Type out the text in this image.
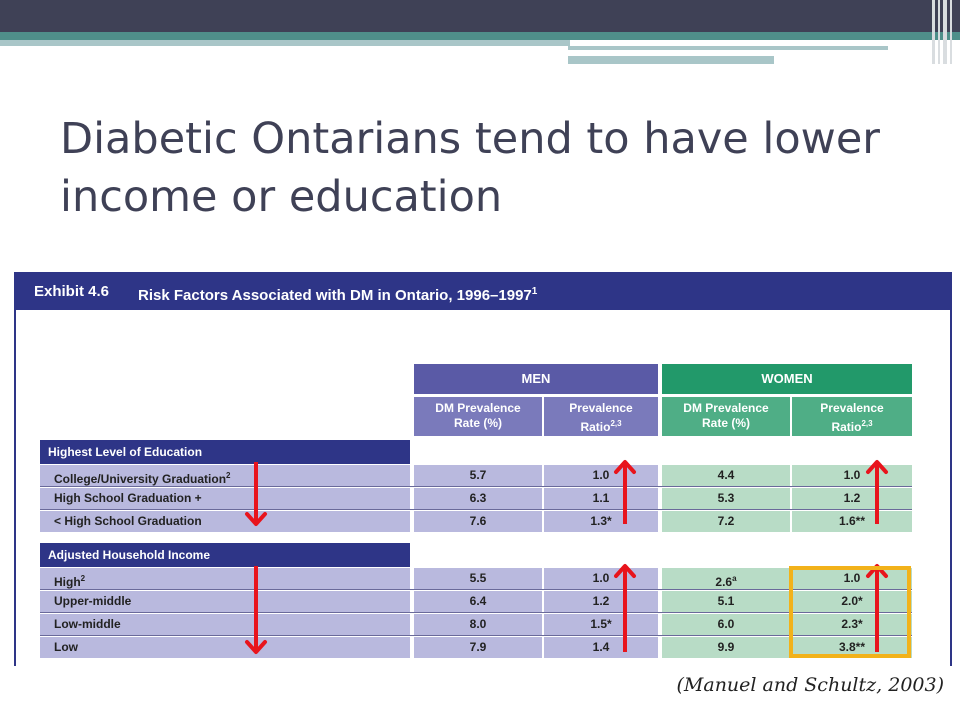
Diabetic Ontarians tend to have lower income or education
Exhibit 4.6 Risk Factors Associated with DM in Ontario, 1996–1997$^1$
MEN	WOMEN
DM Prevalence
Rate (%)
Prevalence
Ratio$^{2,3}$
DM Prevalence
Rate (%)
Prevalence
Ratio$^{2,3}$
Highest Level of Education
College/University Graduation$^2$	5.7	1.0	4.4	1.0
High School Graduation +	6.3	1.1	5.3	1.2
< High School Graduation	7.6	1.3*	7.2	1.6**
Adjusted Household Income
High$^2$	5.5	1.0	2.6$^a$	1.0
Upper-middle	6.4	1.2	5.1	2.0*
Low-middle	8.0	1.5*	6.0	2.3*
Low	7.9	1.4	9.9	3.8**
(Manuel and Schultz, 2003)
